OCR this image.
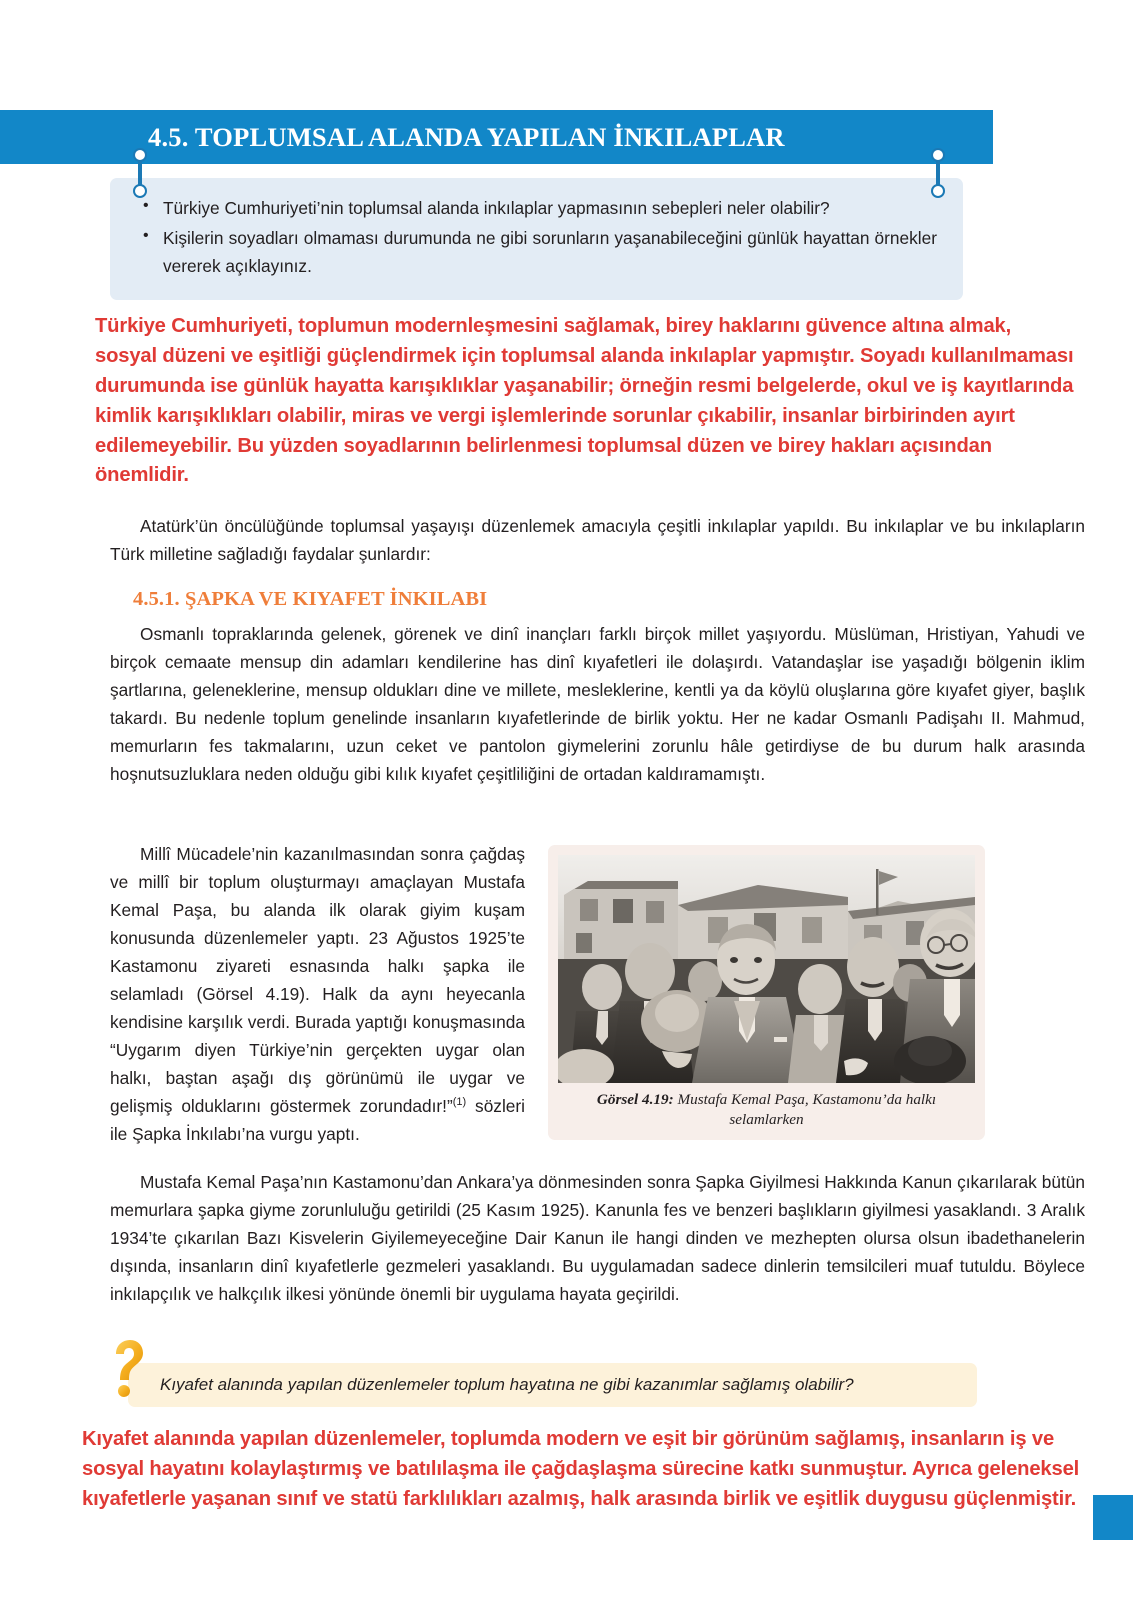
4.5. TOPLUMSAL ALANDA YAPILAN İNKILAPLAR
• Türkiye Cumhuriyeti’nin toplumsal alanda inkılaplar yapmasının sebepleri neler olabilir?
• Kişilerin soyadları olmaması durumunda ne gibi sorunların yaşanabileceğini günlük hayattan örnekler vererek açıklayınız.
Türkiye Cumhuriyeti, toplumun modernleşmesini sağlamak, birey haklarını güvence altına almak, sosyal düzeni ve eşitliği güçlendirmek için toplumsal alanda inkılaplar yapmıştır. Soyadı kullanılmaması durumunda ise günlük hayatta karışıklıklar yaşanabilir; örneğin resmi belgelerde, okul ve iş kayıtlarında kimlik karışıklıkları olabilir, miras ve vergi işlemlerinde sorunlar çıkabilir, insanlar birbirinden ayırt edilemeyebilir. Bu yüzden soyadlarının belirlenmesi toplumsal düzen ve birey hakları açısından önemlidir.
Atatürk’ün öncülüğünde toplumsal yaşayışı düzenlemek amacıyla çeşitli inkılaplar yapıldı. Bu inkılaplar ve bu inkılapların Türk milletine sağladığı faydalar şunlardır:
4.5.1. ŞAPKA VE KIYAFET İNKILABI
Osmanlı topraklarında gelenek, görenek ve dinî inançları farklı birçok millet yaşıyordu. Müslüman, Hristiyan, Yahudi ve birçok cemaate mensup din adamları kendilerine has dinî kıyafetleri ile dolaşırdı. Vatandaşlar ise yaşadığı bölgenin iklim şartlarına, geleneklerine, mensup oldukları dine ve millete, mesleklerine, kentli ya da köylü oluşlarına göre kıyafet giyer, başlık takardı. Bu nedenle toplum genelinde insanların kıyafetlerinde de birlik yoktu. Her ne kadar Osmanlı Padişahı II. Mahmud, memurların fes takmalarını, uzun ceket ve pantolon giymelerini zorunlu hâle getirdiyse de bu durum halk arasında hoşnutsuzluklara neden olduğu gibi kılık kıyafet çeşitliliğini de ortadan kaldıramamıştı.
Millî Mücadele’nin kazanılmasından sonra çağdaş ve millî bir toplum oluşturmayı amaçlayan Mustafa Kemal Paşa, bu alanda ilk olarak giyim kuşam konusunda düzenlemeler yaptı. 23 Ağustos 1925’te Kastamonu ziyareti esnasında halkı şapka ile selamladı (Görsel 4.19). Halk da aynı heyecanla kendisine karşılık verdi. Burada yaptığı konuşmasında “Uygarım diyen Türkiye’nin gerçekten uygar olan halkı, baştan aşağı dış görünümü ile uygar ve gelişmiş olduklarını göstermek zorundadır!”$^{(1)}$ sözleri ile Şapka İnkılabı’na vurgu yaptı.
Görsel 4.19: Mustafa Kemal Paşa, Kastamonu’da halkı selamlarken
Mustafa Kemal Paşa’nın Kastamonu’dan Ankara’ya dönmesinden sonra Şapka Giyilmesi Hakkında Kanun çıkarılarak bütün memurlara şapka giyme zorunluluğu getirildi (25 Kasım 1925). Kanunla fes ve benzeri başlıkların giyilmesi yasaklandı. 3 Aralık 1934’te çıkarılan Bazı Kisvelerin Giyilemeyeceğine Dair Kanun ile hangi dinden ve mezhepten olursa olsun ibadethanelerin dışında, insanların dinî kıyafetlerle gezmeleri yasaklandı. Bu uygulamadan sadece dinlerin temsilcileri muaf tutuldu. Böylece inkılapçılık ve halkçılık ilkesi yönünde önemli bir uygulama hayata geçirildi.
Kıyafet alanında yapılan düzenlemeler toplum hayatına ne gibi kazanımlar sağlamış olabilir?
Kıyafet alanında yapılan düzenlemeler, toplumda modern ve eşit bir görünüm sağlamış, insanların iş ve sosyal hayatını kolaylaştırmış ve batılılaşma ile çağdaşlaşma sürecine katkı sunmuştur. Ayrıca geleneksel kıyafetlerle yaşanan sınıf ve statü farklılıkları azalmış, halk arasında birlik ve eşitlik duygusu güçlenmiştir.
